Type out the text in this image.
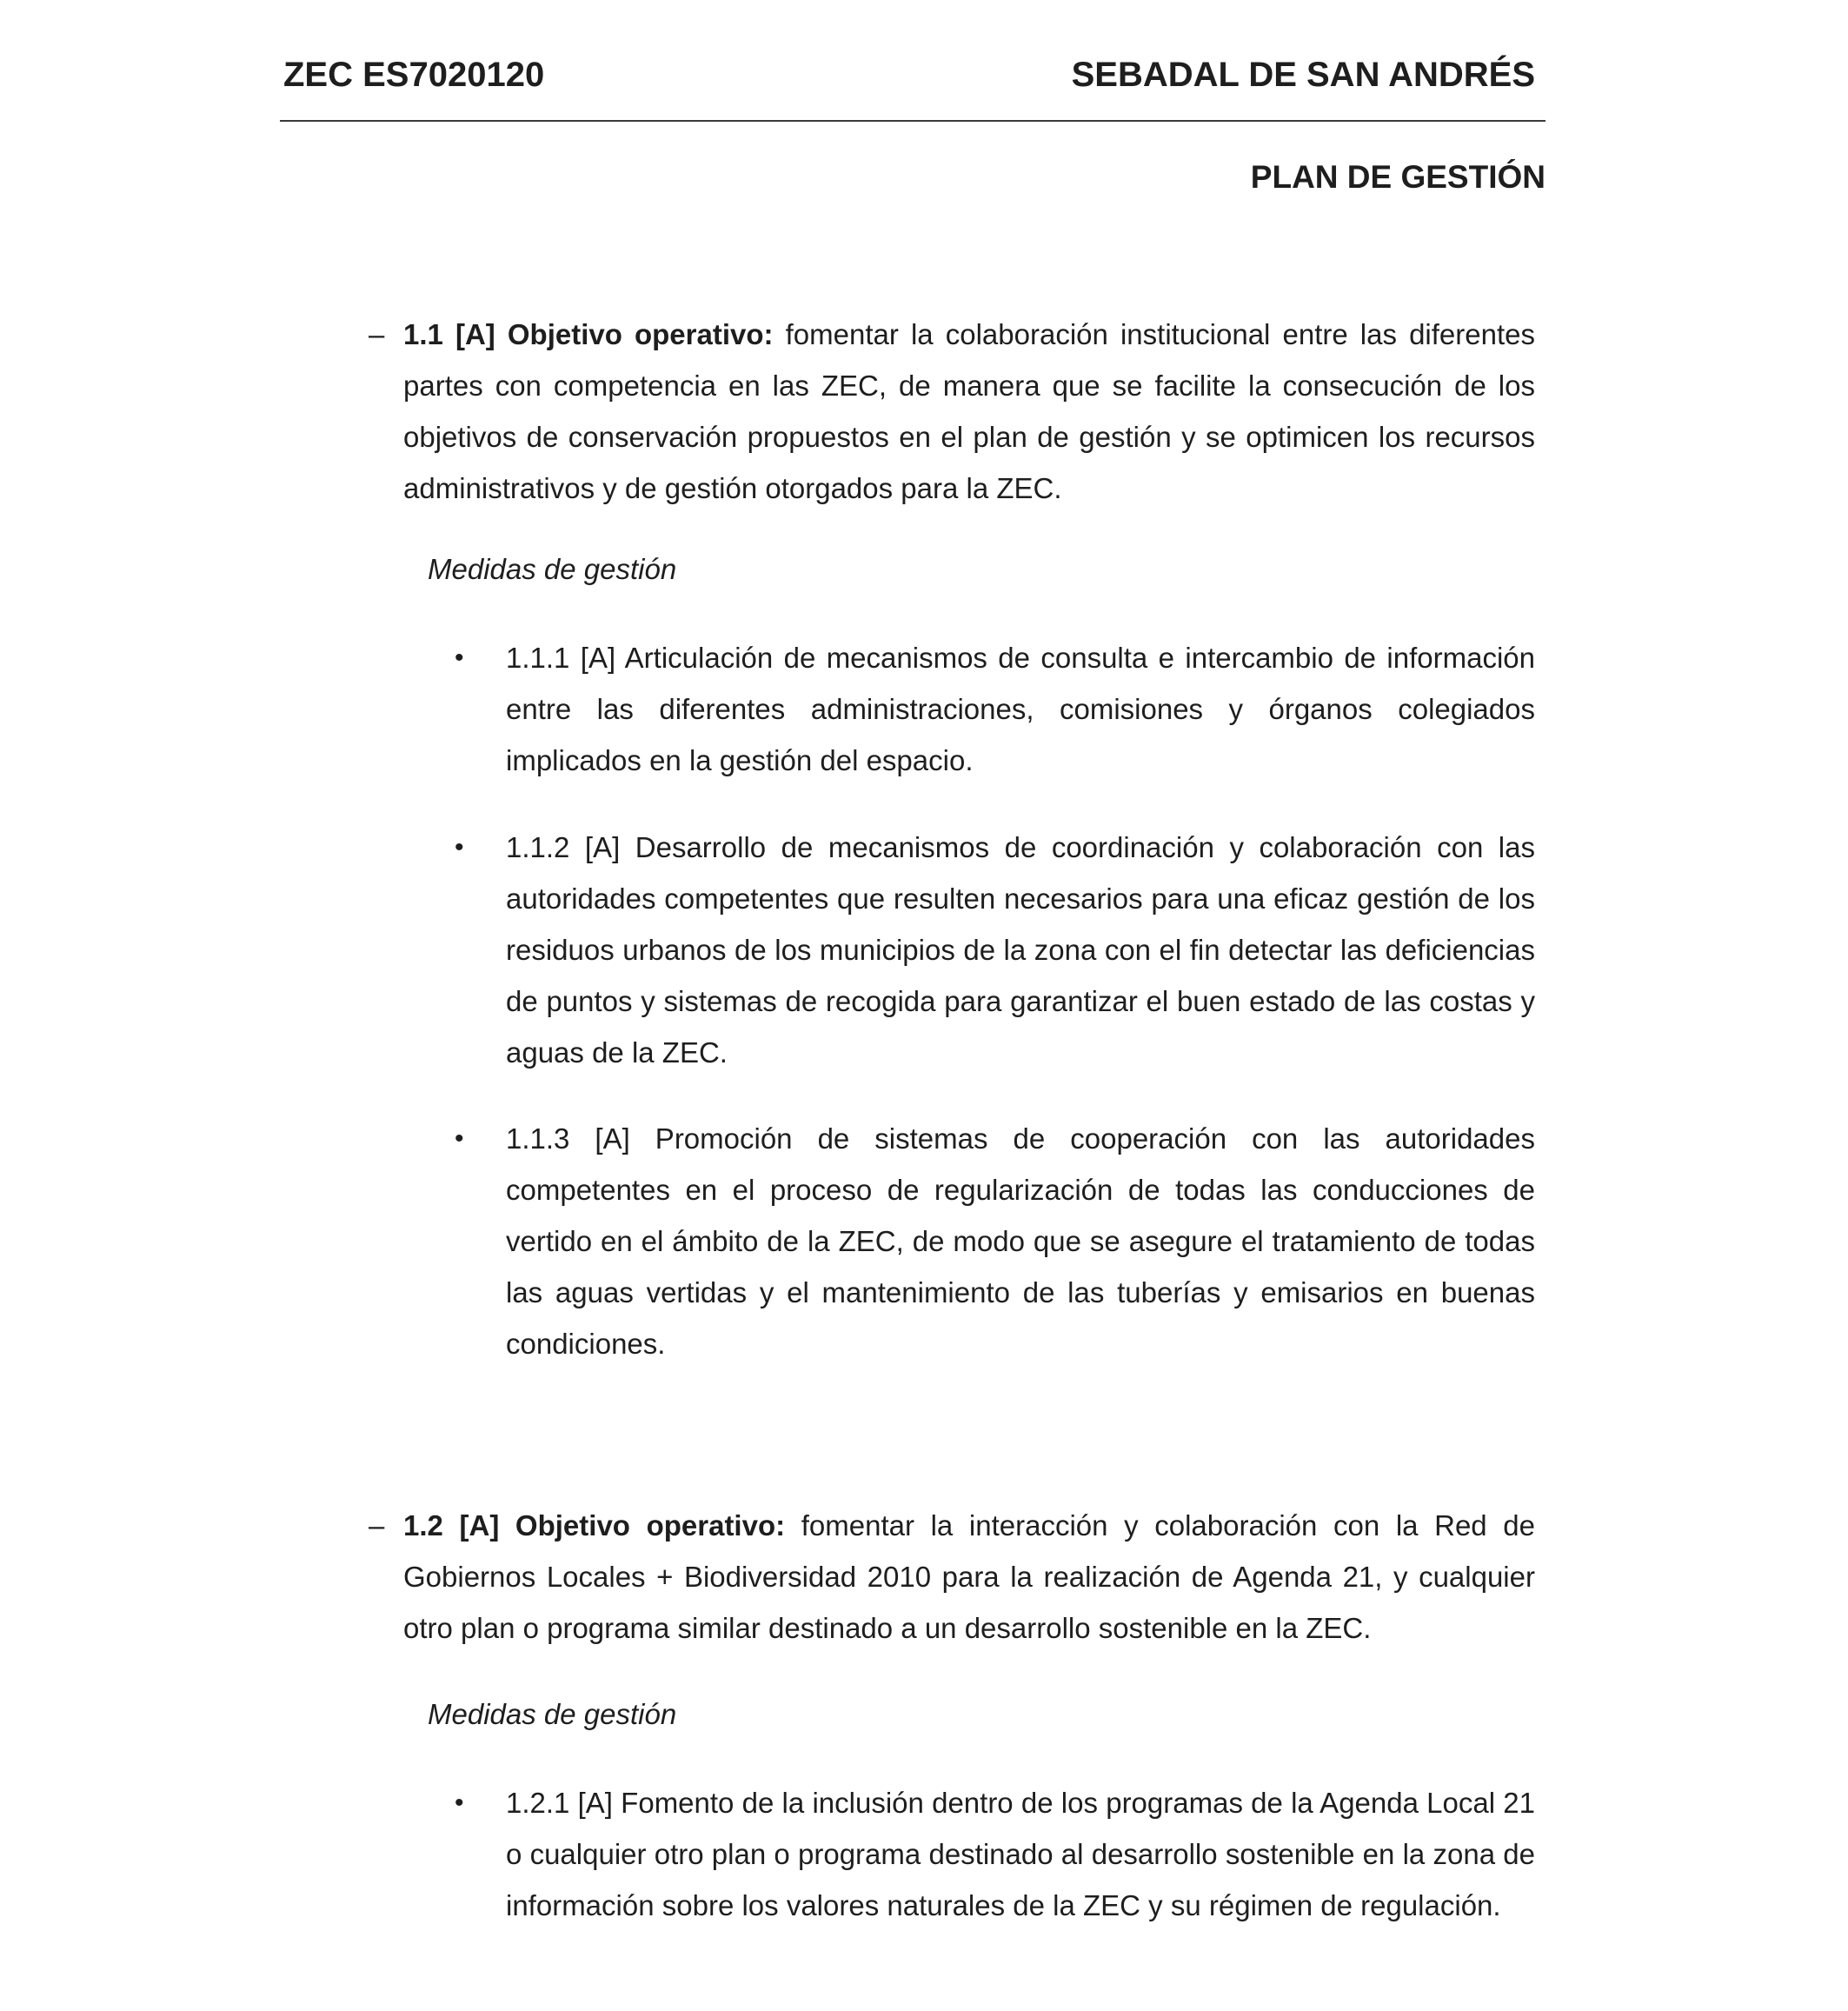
ZEC ES7020120	SEBADAL DE SAN ANDRÉS
PLAN DE GESTIÓN
– 1.1 [A] Objetivo operativo: fomentar la colaboración institucional entre las diferentes partes con competencia en las ZEC, de manera que se facilite la consecución de los objetivos de conservación propuestos en el plan de gestión y se optimicen los recursos administrativos y de gestión otorgados para la ZEC.
Medidas de gestión
• 1.1.1 [A] Articulación de mecanismos de consulta e intercambio de información entre las diferentes administraciones, comisiones y órganos colegiados implicados en la gestión del espacio.
• 1.1.2 [A] Desarrollo de mecanismos de coordinación y colaboración con las autoridades competentes que resulten necesarios para una eficaz gestión de los residuos urbanos de los municipios de la zona con el fin detectar las deficiencias de puntos y sistemas de recogida para garantizar el buen estado de las costas y aguas de la ZEC.
• 1.1.3 [A] Promoción de sistemas de cooperación con las autoridades competentes en el proceso de regularización de todas las conducciones de vertido en el ámbito de la ZEC, de modo que se asegure el tratamiento de todas las aguas vertidas y el mantenimiento de las tuberías y emisarios en buenas condiciones.
– 1.2 [A] Objetivo operativo: fomentar la interacción y colaboración con la Red de Gobiernos Locales + Biodiversidad 2010 para la realización de Agenda 21, y cualquier otro plan o programa similar destinado a un desarrollo sostenible en la ZEC.
Medidas de gestión
• 1.2.1 [A] Fomento de la inclusión dentro de los programas de la Agenda Local 21 o cualquier otro plan o programa destinado al desarrollo sostenible en la zona de información sobre los valores naturales de la ZEC y su régimen de regulación.
